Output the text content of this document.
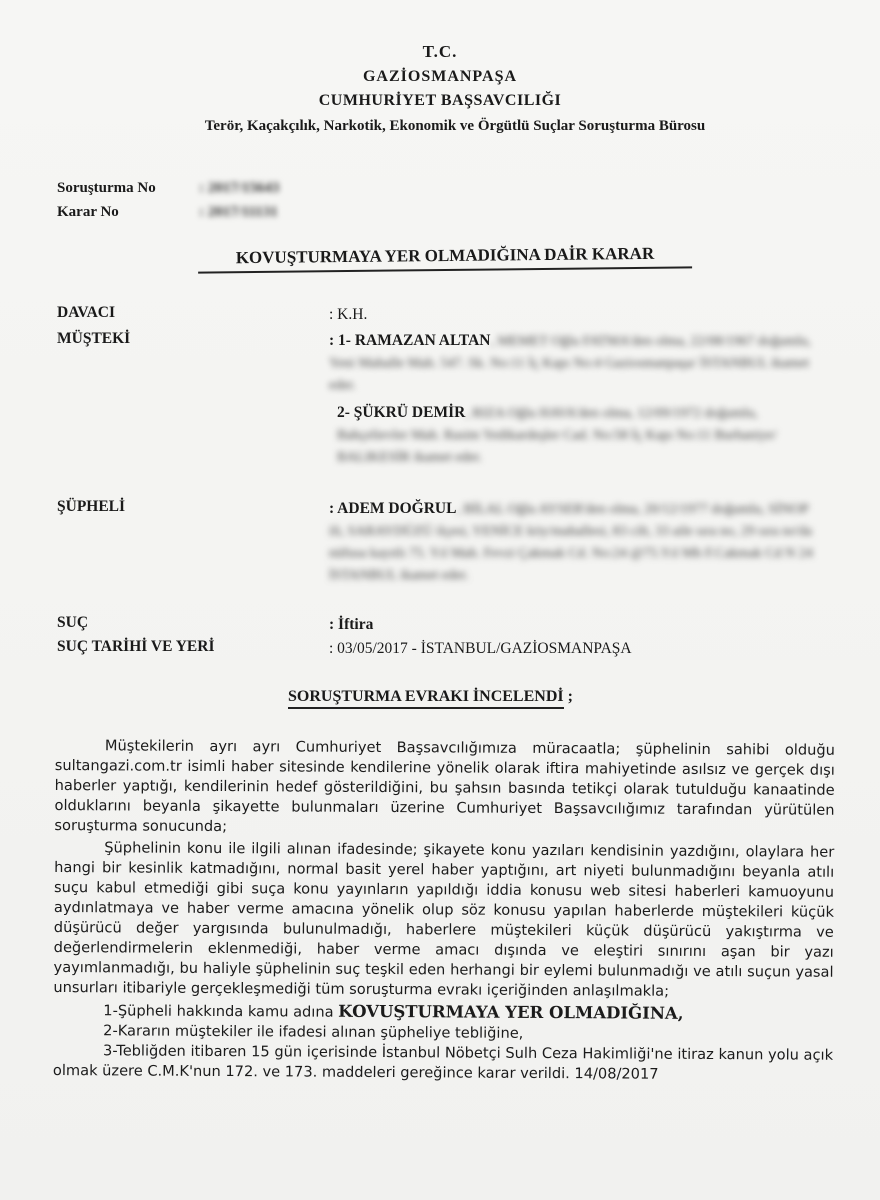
T.C.
GAZİOSMANPAŞA
CUMHURİYET BAŞSAVCILIĞI
Terör, Kaçakçılık, Narkotik, Ekonomik ve Örgütlü Suçlar Soruşturma Bürosu
Soruşturma No	: 2017/15643
Karar No	: 2017/11131
KOVUŞTURMAYA YER OLMADIĞINA DAİR KARAR
DAVACI	: K.H.
MÜŞTEKİ	: 1- RAMAZAN ALTAN, MEMET Oğlu FATMA'den olma, 22/08/1967 doğumlu, Yeni Mahalle Mah. 547. Sk. No:11 İç Kapı No:4 Gaziosmanpaşa/ İSTANBUL ikamet eder.
2- ŞÜKRÜ DEMİR, RIZA Oğlu HAVA'den olma, 12/09/1972 doğumlu, Bahçelievler Mah. Rasim Yedikardeşler Cad. No:58 İç Kapı No:11 Burhaniye/ BALIKESİR ikamet eder.
ŞÜPHELİ	: ADEM DOĞRUL, BİLAL Oğlu AYSER'den olma, 20/12/1977 doğumlu, SİNOP ili, SARAYDÜZÜ ilçesi, YENİCE köy/mahallesi, 83 cilt, 33 aile sıra no, 29 sıra no'da nüfusa kayıtlı 75. Yıl Mah. Fevzi Çakmak Cd. No:24 @75.Yıl Mh F.Cakmak Cd N 24 İSTANBUL ikamet eder.
SUÇ	: İftira
SUÇ TARİHİ VE YERİ	: 03/05/2017 - İSTANBUL/GAZİOSMANPAŞA
SORUŞTURMA EVRAKI İNCELENDİ ;

Müştekilerin ayrı ayrı Cumhuriyet Başsavcılığımıza müracaatla; şüphelinin sahibi olduğu sultangazi.com.tr isimli haber sitesinde kendilerine yönelik olarak iftira mahiyetinde asılsız ve gerçek dışı haberler yaptığı, kendilerinin hedef gösterildiğini, bu şahsın basında tetikçi olarak tutulduğu kanaatinde olduklarını beyanla şikayette bulunmaları üzerine Cumhuriyet Başsavcılığımız tarafından yürütülen soruşturma sonucunda;

Şüphelinin konu ile ilgili alınan ifadesinde; şikayete konu yazıları kendisinin yazdığını, olaylara her hangi bir kesinlik katmadığını, normal basit yerel haber yaptığını, art niyeti bulunmadığını beyanla atılı suçu kabul etmediği gibi suça konu yayınların yapıldığı iddia konusu web sitesi haberleri kamuoyunu aydınlatmaya ve haber verme amacına yönelik olup söz konusu yapılan haberlerde müştekileri küçük düşürücü değer yargısında bulunulmadığı, haberlere müştekileri küçük düşürücü yakıştırma ve değerlendirmelerin eklenmediği, haber verme amacı dışında ve eleştiri sınırını aşan bir yazı yayımlanmadığı, bu haliyle şüphelinin suç teşkil eden herhangi bir eylemi bulunmadığı ve atılı suçun yasal unsurları itibariyle gerçekleşmediği tüm soruşturma evrakı içeriğinden anlaşılmakla;

1-Şüpheli hakkında kamu adına KOVUŞTURMAYA YER OLMADIĞINA,

2-Kararın müştekiler ile ifadesi alınan şüpheliye tebliğine,

3-Tebliğden itibaren 15 gün içerisinde İstanbul Nöbetçi Sulh Ceza Hakimliği'ne itiraz kanun yolu açık olmak üzere C.M.K'nun 172. ve 173. maddeleri gereğince karar verildi. 14/08/2017
